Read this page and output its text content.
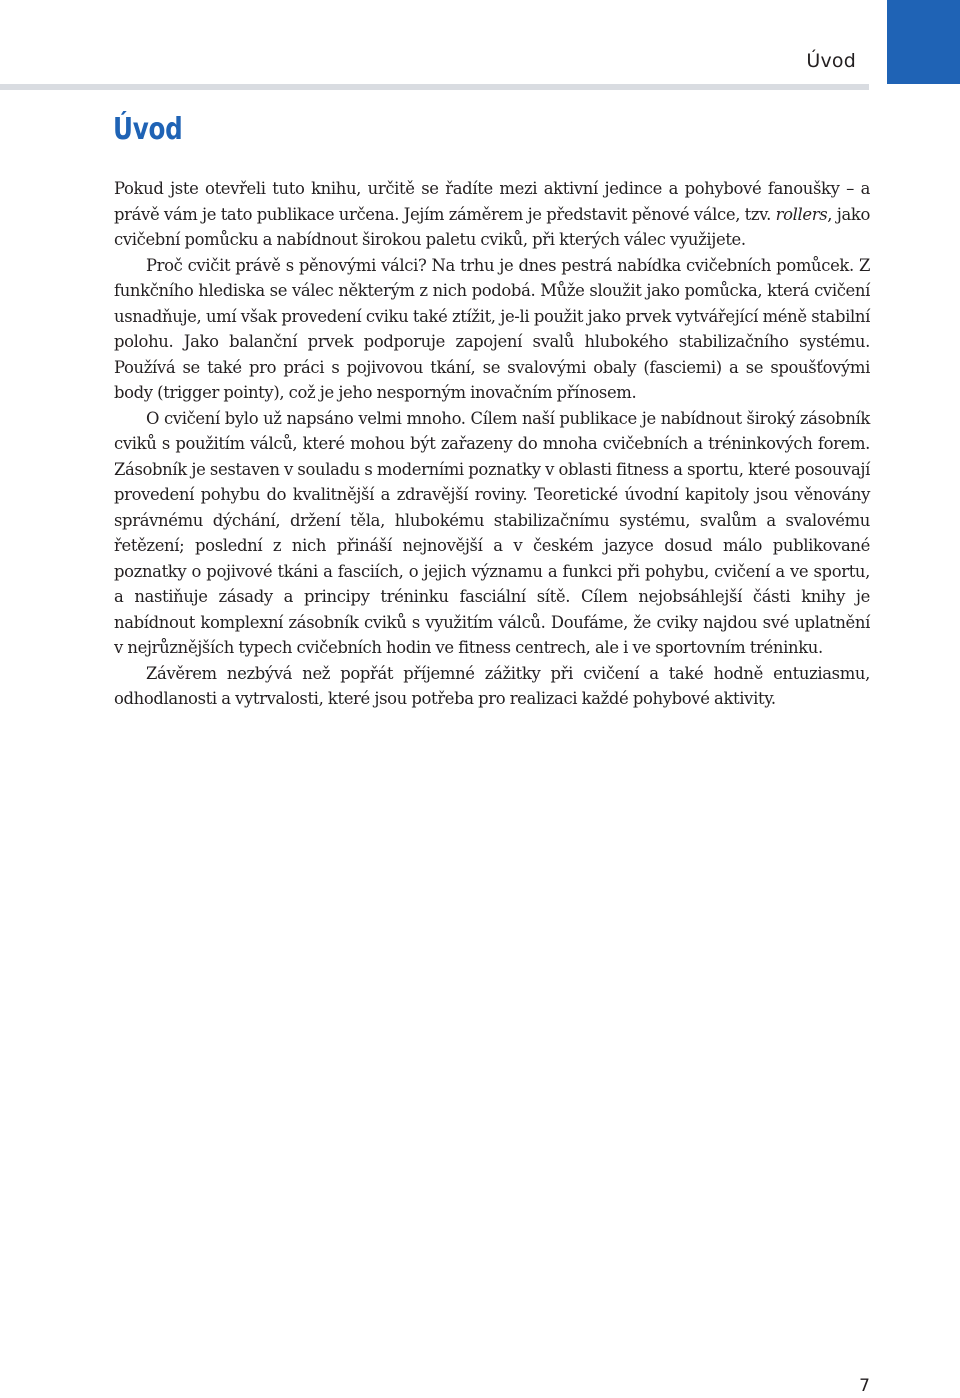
Úvod
Úvod

Pokud jste otevřeli tuto knihu, určitě se řadíte mezi aktivní jedince a pohybové fanoušky – a právě vám je tato publikace určena. Jejím záměrem je představit pěnové válce, tzv. rollers, jako cvičební pomůcku a nabídnout širokou paletu cviků, při kterých válec využijete.

Proč cvičit právě s pěnovými válci? Na trhu je dnes pestrá nabídka cvičebních pomůcek. Z funkčního hlediska se válec některým z nich podobá. Může sloužit jako pomůcka, která cvičení usnadňuje, umí však provedení cviku také ztížit, je-li použit jako prvek vytvářející méně stabilní polohu. Jako balanční prvek podporuje zapojení svalů hlubokého stabilizačního systému. Používá se také pro práci s pojivovou tkání, se svalovými obaly (fasciemi) a se spoušťovými body (trigger pointy), což je jeho nesporným inovačním přínosem.

O cvičení bylo už napsáno velmi mnoho. Cílem naší publikace je nabídnout široký zásobník cviků s použitím válců, které mohou být zařazeny do mnoha cvičebních a tréninkových forem. Zásobník je sestaven v souladu s moderními poznatky v oblasti fitness a sportu, které posouvají provedení pohybu do kvalitnější a zdravější roviny. Teoretické úvodní kapitoly jsou věnovány správnému dýchání, držení těla, hlubokému stabilizačnímu systému, svalům a svalovému řetězení; poslední z nich přináší nejnovější a v českém jazyce dosud málo publikované poznatky o pojivové tkáni a fasciích, o jejich významu a funkci při pohybu, cvičení a ve sportu, a nastiňuje zásady a principy tréninku fasciální sítě. Cílem nejobsáhlejší části knihy je nabídnout komplexní zásobník cviků s využitím válců. Doufáme, že cviky najdou své uplatnění v nejrůznějších typech cvičebních hodin ve fitness centrech, ale i ve sportovním tréninku.

Závěrem nezbývá než popřát příjemné zážitky při cvičení a také hodně entuziasmu, odhodlanosti a vytrvalosti, které jsou potřeba pro realizaci každé pohybové aktivity.

7
